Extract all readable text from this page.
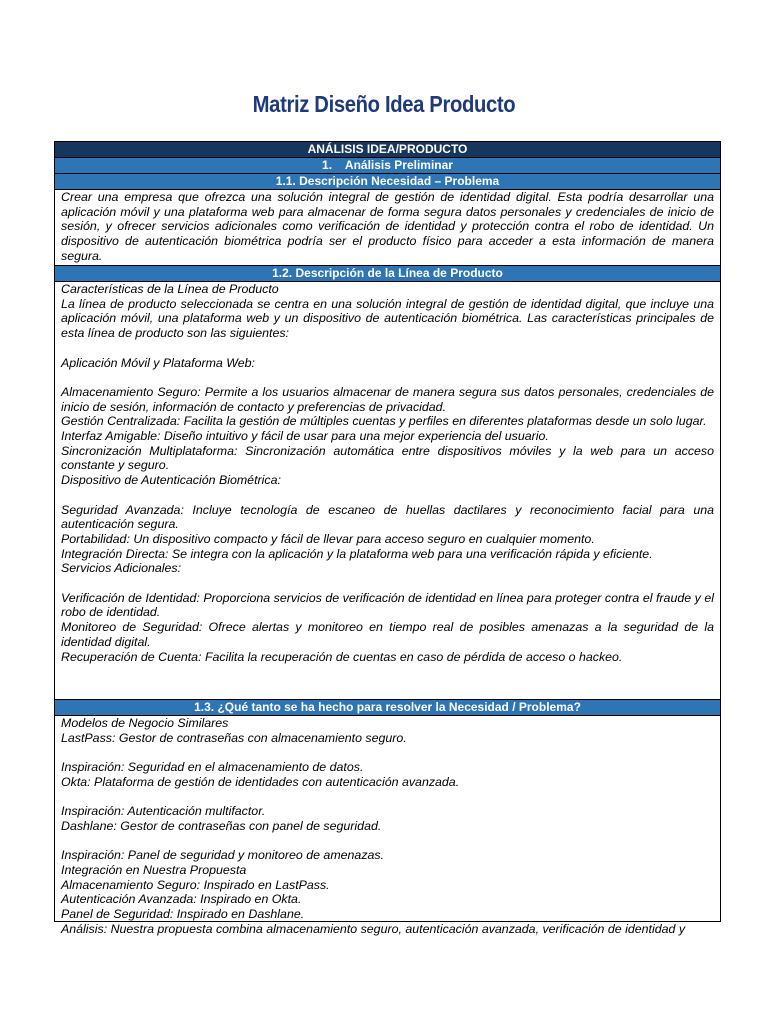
Matriz Diseño Idea Producto
ANÁLISIS IDEA/PRODUCTO
1.    Análisis Preliminar
1.1. Descripción Necesidad – Problema
Crear una empresa que ofrezca una solución integral de gestión de identidad digital. Esta podría desarrollar una aplicación móvil y una plataforma web para almacenar de forma segura datos personales y credenciales de inicio de sesión, y ofrecer servicios adicionales como verificación de identidad y protección contra el robo de identidad. Un dispositivo de autenticación biométrica podría ser el producto físico para acceder a esta información de manera segura.
1.2. Descripción de la Línea de Producto
Características de la Línea de Producto
La línea de producto seleccionada se centra en una solución integral de gestión de identidad digital, que incluye una aplicación móvil, una plataforma web y un dispositivo de autenticación biométrica. Las características principales de esta línea de producto son las siguientes:
Aplicación Móvil y Plataforma Web:
Almacenamiento Seguro: Permite a los usuarios almacenar de manera segura sus datos personales, credenciales de inicio de sesión, información de contacto y preferencias de privacidad.
Gestión Centralizada: Facilita la gestión de múltiples cuentas y perfiles en diferentes plataformas desde un solo lugar.
Interfaz Amigable: Diseño intuitivo y fácil de usar para una mejor experiencia del usuario.
Sincronización Multiplataforma: Sincronización automática entre dispositivos móviles y la web para un acceso constante y seguro.
Dispositivo de Autenticación Biométrica:
Seguridad Avanzada: Incluye tecnología de escaneo de huellas dactilares y reconocimiento facial para una autenticación segura.
Portabilidad: Un dispositivo compacto y fácil de llevar para acceso seguro en cualquier momento.
Integración Directa: Se integra con la aplicación y la plataforma web para una verificación rápida y eficiente.
Servicios Adicionales:
Verificación de Identidad: Proporciona servicios de verificación de identidad en línea para proteger contra el fraude y el robo de identidad.
Monitoreo de Seguridad: Ofrece alertas y monitoreo en tiempo real de posibles amenazas a la seguridad de la identidad digital.
Recuperación de Cuenta: Facilita la recuperación de cuentas en caso de pérdida de acceso o hackeo.
1.3. ¿Qué tanto se ha hecho para resolver la Necesidad / Problema?
Modelos de Negocio Similares
LastPass: Gestor de contraseñas con almacenamiento seguro.
Inspiración: Seguridad en el almacenamiento de datos.
Okta: Plataforma de gestión de identidades con autenticación avanzada.
Inspiración: Autenticación multifactor.
Dashlane: Gestor de contraseñas con panel de seguridad.
Inspiración: Panel de seguridad y monitoreo de amenazas.
Integración en Nuestra Propuesta
Almacenamiento Seguro: Inspirado en LastPass.
Autenticación Avanzada: Inspirado en Okta.
Panel de Seguridad: Inspirado en Dashlane.
Análisis: Nuestra propuesta combina almacenamiento seguro, autenticación avanzada, verificación de identidad y
